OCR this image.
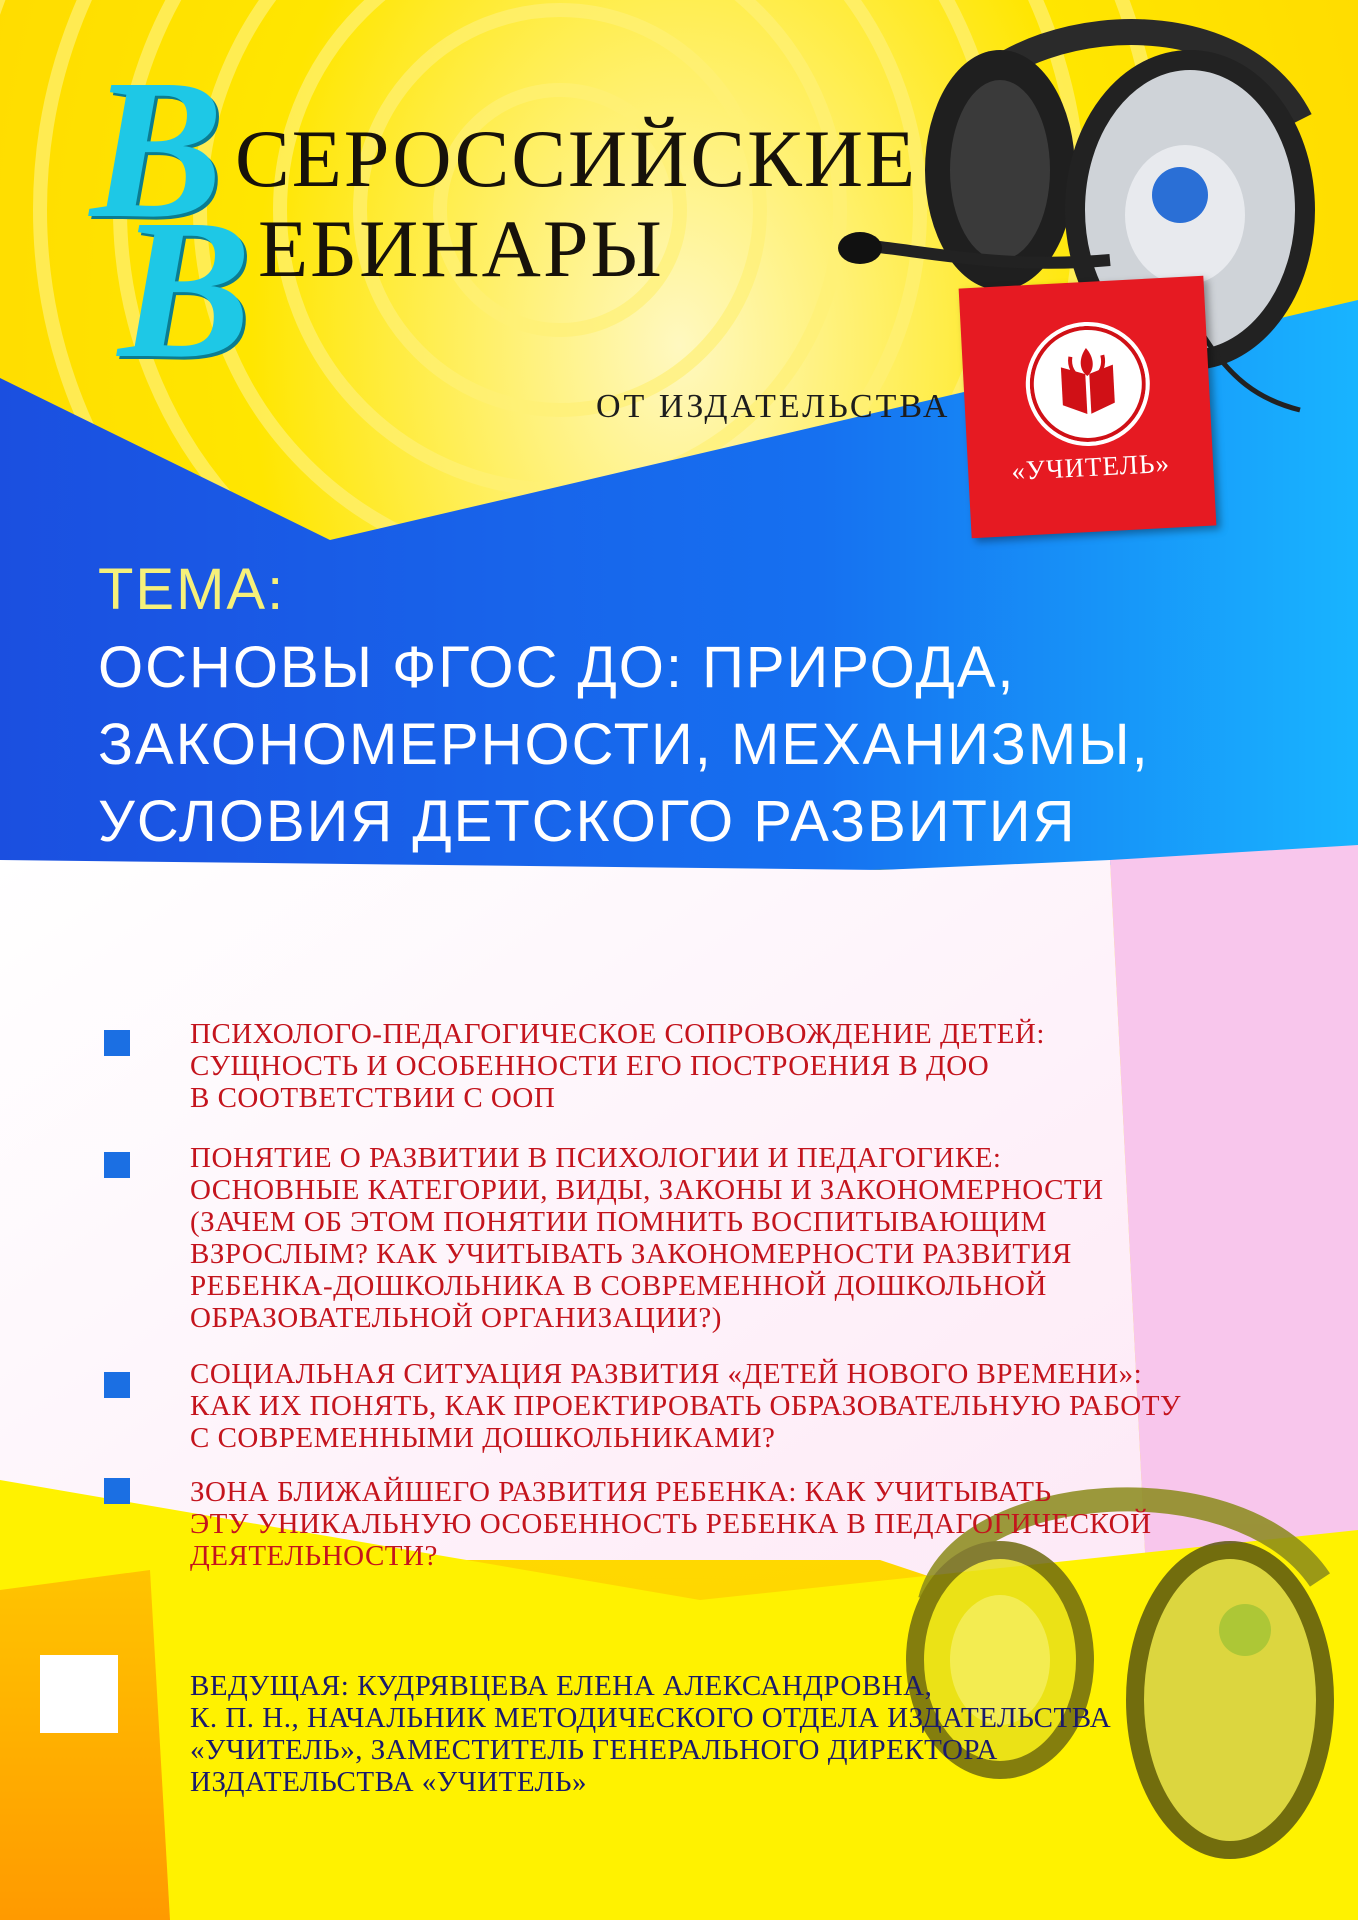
В СЕРОССИЙСКИЕ
В ЕБИНАРЫ
ОТ ИЗДАТЕЛЬСТВА
«УЧИТЕЛЬ»
ТЕМА:
ОСНОВЫ ФГОС ДО: ПРИРОДА,
ЗАКОНОМЕРНОСТИ, МЕХАНИЗМЫ,
УСЛОВИЯ ДЕТСКОГО РАЗВИТИЯ
ПСИХОЛОГО-ПЕДАГОГИЧЕСКОЕ СОПРОВОЖДЕНИЕ ДЕТЕЙ:
СУЩНОСТЬ И ОСОБЕННОСТИ ЕГО ПОСТРОЕНИЯ В ДОО
В СООТВЕТСТВИИ С ООП
ПОНЯТИЕ О РАЗВИТИИ В ПСИХОЛОГИИ И ПЕДАГОГИКЕ:
ОСНОВНЫЕ КАТЕГОРИИ, ВИДЫ, ЗАКОНЫ И ЗАКОНОМЕРНОСТИ
(ЗАЧЕМ ОБ ЭТОМ ПОНЯТИИ ПОМНИТЬ ВОСПИТЫВАЮЩИМ
ВЗРОСЛЫМ? КАК УЧИТЫВАТЬ ЗАКОНОМЕРНОСТИ РАЗВИТИЯ
РЕБЕНКА-ДОШКОЛЬНИКА В СОВРЕМЕННОЙ ДОШКОЛЬНОЙ
ОБРАЗОВАТЕЛЬНОЙ ОРГАНИЗАЦИИ?)
СОЦИАЛЬНАЯ СИТУАЦИЯ РАЗВИТИЯ «ДЕТЕЙ НОВОГО ВРЕМЕНИ»:
КАК ИХ ПОНЯТЬ, КАК ПРОЕКТИРОВАТЬ ОБРАЗОВАТЕЛЬНУЮ РАБОТУ
С СОВРЕМЕННЫМИ ДОШКОЛЬНИКАМИ?
ЗОНА БЛИЖАЙШЕГО РАЗВИТИЯ РЕБЕНКА: КАК УЧИТЫВАТЬ
ЭТУ УНИКАЛЬНУЮ ОСОБЕННОСТЬ РЕБЕНКА В ПЕДАГОГИЧЕСКОЙ
ДЕЯТЕЛЬНОСТИ?
ВЕДУЩАЯ: КУДРЯВЦЕВА ЕЛЕНА АЛЕКСАНДРОВНА,
К. П. Н., НАЧАЛЬНИК МЕТОДИЧЕСКОГО ОТДЕЛА ИЗДАТЕЛЬСТВА
«УЧИТЕЛЬ», ЗАМЕСТИТЕЛЬ ГЕНЕРАЛЬНОГО ДИРЕКТОРА
ИЗДАТЕЛЬСТВА «УЧИТЕЛЬ»
